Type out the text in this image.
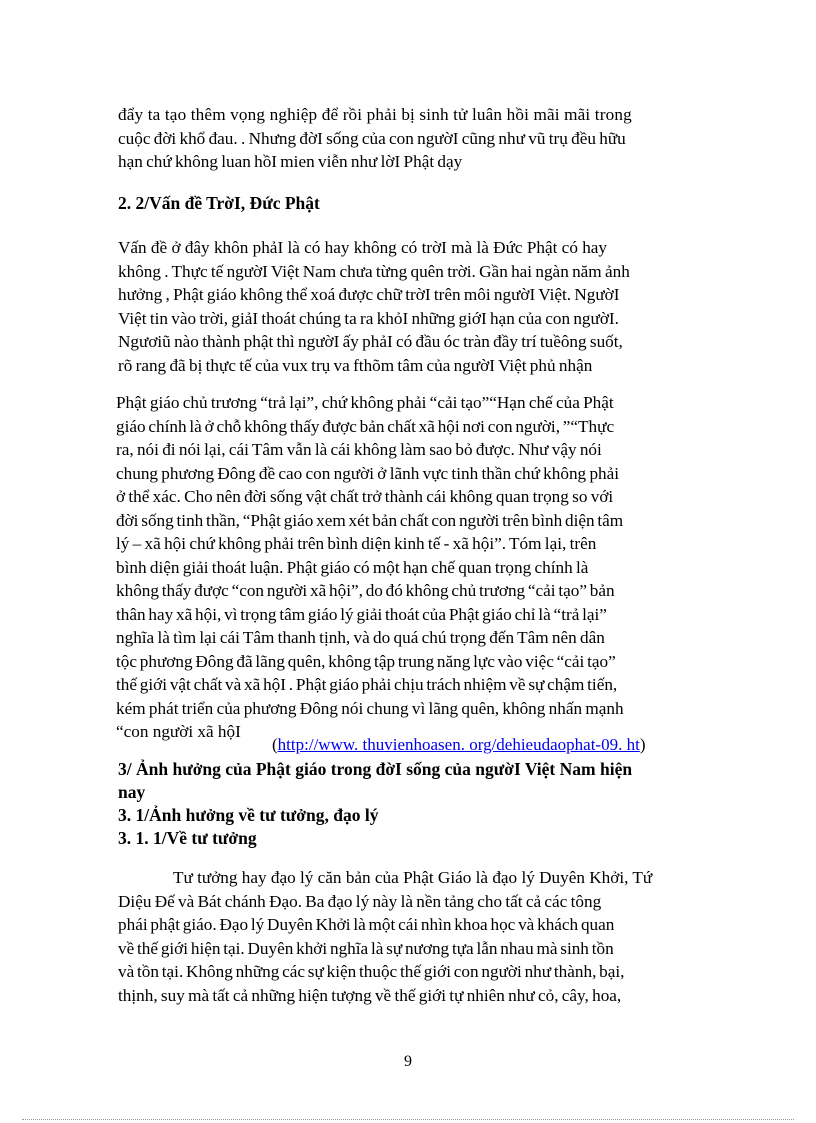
đẩy ta tạo thêm vọng nghiệp để rồi phải bị sinh tử luân hồi mãi mãi trong
cuộc đời khổ đau. . Nhưng đờI sống của con ngườI cũng như vũ trụ đều hữu
hạn chứ không luan hồI mien viễn như lờI Phật dạy

2. 2/Vấn đề TrờI, Đức Phật

Vấn đề ở đây khôn phảI là có hay không có trờI mà là Đức Phật có hay
không . Thực tế ngườI Việt Nam chưa từng quên trời. Gần hai ngàn năm ảnh
hưởng , Phật giáo không thể xoá được chữ trờI trên môi ngườI Việt. NgườI
Việt tin vào trời, giảI thoát chúng ta ra khỏI những giớI hạn của con ngườI.
Ngươiũ nào thành phật thì ngườI ấy phảI có đầu óc tràn đầy trí tuềông suốt,
rõ rang đã bị thực tế của vux trụ va fthõm tâm của ngườI Việt phủ nhận

Phật giáo chủ trương “trả lại”, chứ không phải “cải tạo”“Hạn chế của Phật
giáo chính là ở chỗ không thấy được bản chất xã hội nơi con người, ”“Thực
ra, nói đi nói lại, cái Tâm vẫn là cái không làm sao bỏ được. Như vậy nói
chung phương Đông đề cao con người ở lãnh vực tinh thần chứ không phải
ở thể xác. Cho nên đời sống vật chất trở thành cái không quan trọng so với
đời sống tinh thần, “Phật giáo xem xét bản chất con người trên bình diện tâm
lý – xã hội chứ không phải trên bình diện kinh tế - xã hội”. Tóm lại, trên
bình diện giải thoát luận. Phật giáo có một hạn chế quan trọng chính là
không thấy được “con người xã hội”, do đó không chủ trương “cải tạo” bản
thân hay xã hội, vì trọng tâm giáo lý giải thoát của Phật giáo chỉ là “trả lại”
nghĩa là tìm lại cái Tâm thanh tịnh, và do quá chú trọng đến Tâm nên dân
tộc phương Đông đã lãng quên, không tập trung năng lực vào việc “cải tạo”
thế giới vật chất và xã hộI . Phật giáo phải chịu trách nhiệm về sự chậm tiến,
kém phát triển của phương Đông nói chung vì lãng quên, không nhấn mạnh
“con người xã hộI

(http://www. thuvienhoasen. org/dehieudaophat-09. ht)
3/ Ảnh hưởng của Phật giáo trong đờI sống của ngườI Việt Nam hiện
nay
3. 1/Ảnh hưởng về tư tưởng, đạo lý
3. 1. 1/Về tư tưởng

Tư tưởng hay đạo lý căn bản của Phật Giáo là đạo lý Duyên Khởi, Tứ
Diệu Đế và Bát chánh Đạo. Ba đạo lý này là nền tảng cho tất cả các tông
phái phật giáo. Đạo lý Duyên Khởi là một cái nhìn khoa học và khách quan
về thế giới hiện tại. Duyên khởi nghĩa là sự nương tựa lẫn nhau mà sinh tồn
và tồn tại. Không những các sự kiện thuộc thế giới con người như thành, bại,
thịnh, suy mà tất cả những hiện tượng về thế giới tự nhiên như cỏ, cây, hoa,

9
